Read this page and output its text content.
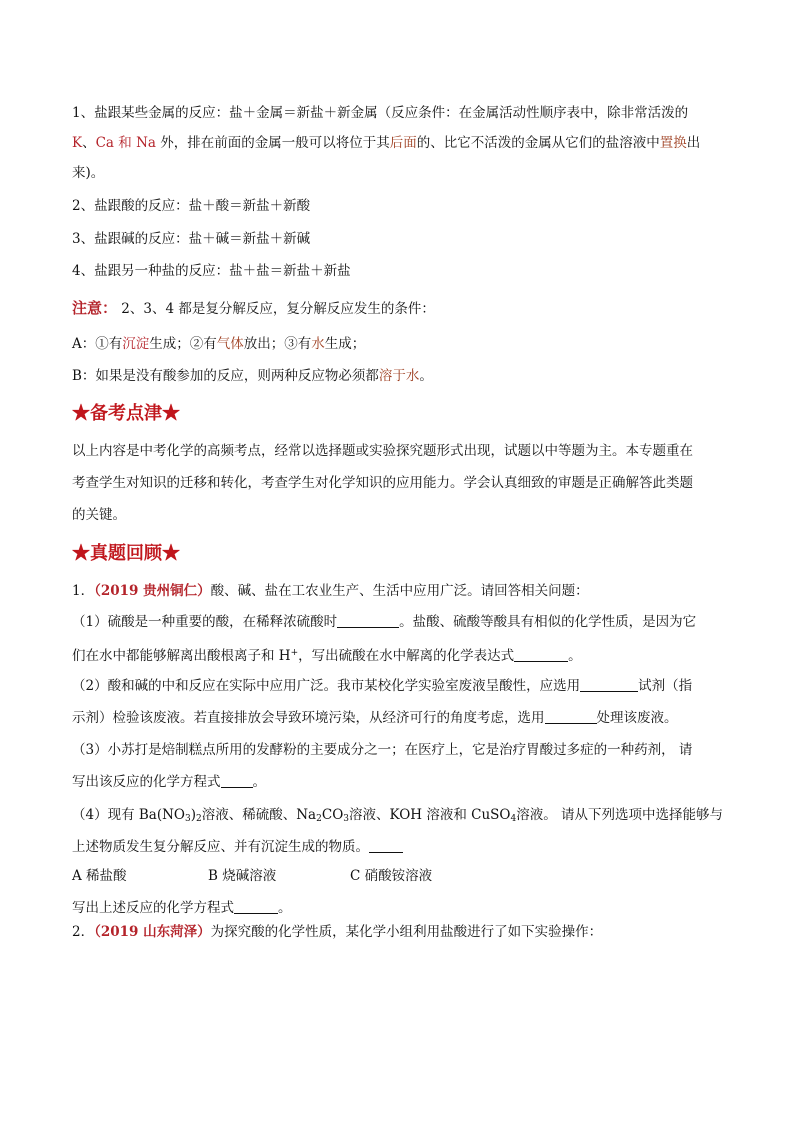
1、盐跟某些金属的反应：盐＋金属＝新盐＋新金属（反应条件：在金属活动性顺序表中，除非常活泼的
K、Ca 和 Na 外，排在前面的金属一般可以将位于其后面的、比它不活泼的金属从它们的盐溶液中置换出
来)。
2、盐跟酸的反应：盐＋酸＝新盐＋新酸
3、盐跟碱的反应：盐＋碱＝新盐＋新碱
4、盐跟另一种盐的反应：盐＋盐＝新盐＋新盐
注意： 2、3、4 都是复分解反应，复分解反应发生的条件：
A：①有沉淀生成；②有气体放出；③有水生成；
B：如果是没有酸参加的反应，则两种反应物必须都溶于水。
★备考点津★
以上内容是中考化学的高频考点，经常以选择题或实验探究题形式出现，试题以中等题为主。本专题重在
考查学生对知识的迁移和转化，考查学生对化学知识的应用能力。学会认真细致的审题是正确解答此类题
的关键。
★真题回顾★
1．（2019 贵州铜仁）酸、碱、盐在工农业生产、生活中应用广泛。请回答相关问题：
（1）硫酸是一种重要的酸，在稀释浓硫酸时	。盐酸、硫酸等酸具有相似的化学性质，是因为它
们在水中都能够解离出酸根离子和 H+，写出硫酸在水中解离的化学表达式	。
（2）酸和碱的中和反应在实际中应用广泛。我市某校化学实验室废液呈酸性，应选用	试剂（指
示剂）检验该废液。若直接排放会导致环境污染，从经济可行的角度考虑，选用	处理该废液。
（3）小苏打是焙制糕点所用的发酵粉的主要成分之一；在医疗上，它是治疗胃酸过多症的一种药剂， 请
写出该反应的化学方程式 。
（4）现有 $Ba(NO_3)_2$溶液、稀硫酸、$Na_2CO_3$溶液、KOH 溶液和 CuSO$_4$溶液。 请从下列选项中选择能够与
上述物质发生复分解反应、并有沉淀生成的物质。
A 稀盐酸	B 烧碱溶液	C 硝酸铵溶液
写出上述反应的化学方程式	。
2．（2019 山东菏泽）为探究酸的化学性质，某化学小组利用盐酸进行了如下实验操作：
